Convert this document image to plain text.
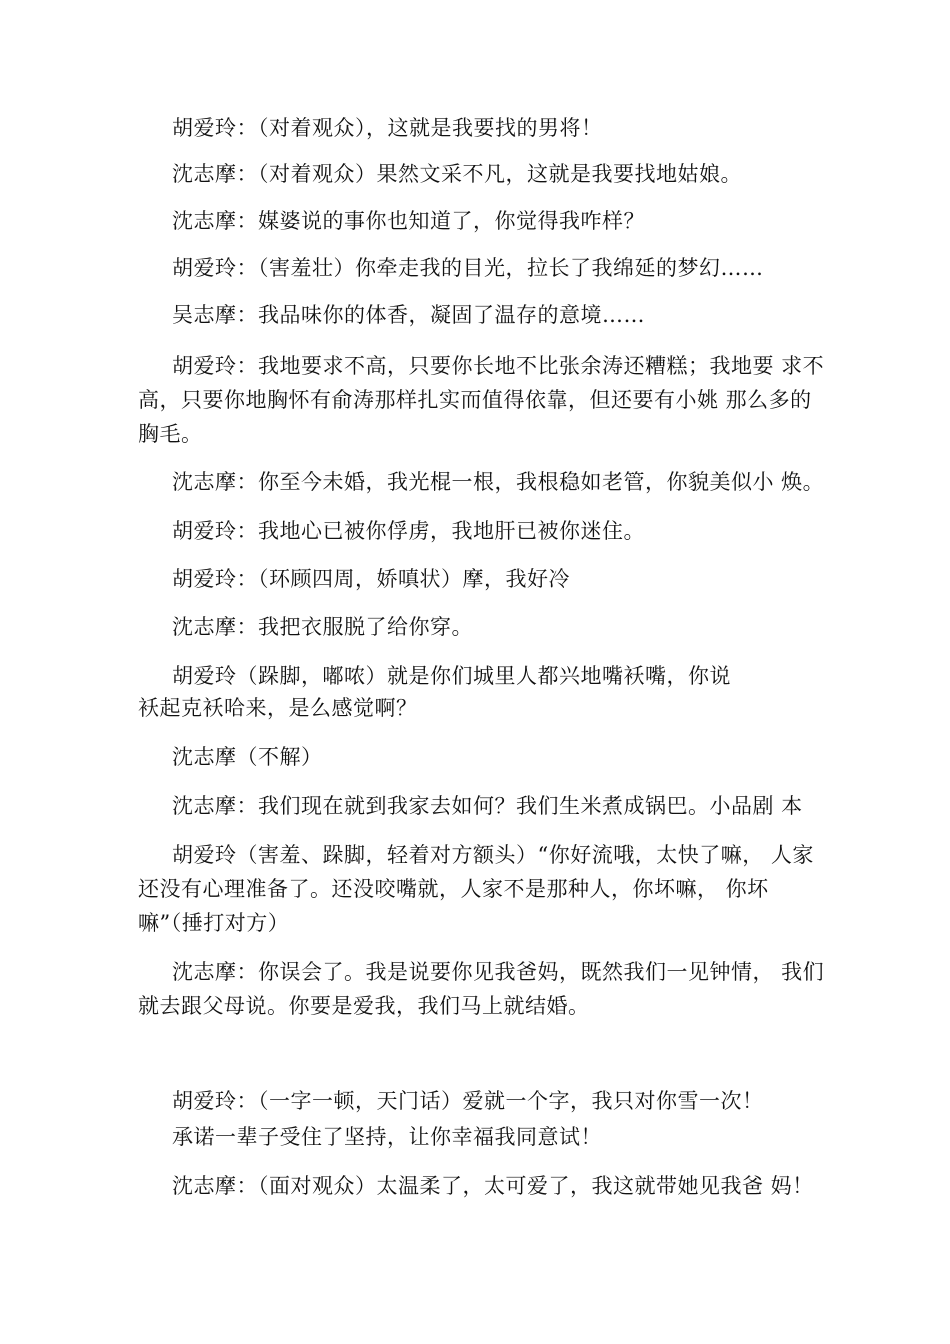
胡爱玲：（对着观众），这就是我要找的男将！
沈志摩：（对着观众）果然文采不凡，这就是我要找地姑娘。
沈志摩：媒婆说的事你也知道了，你觉得我咋样？
胡爱玲：（害羞壮）你牵走我的目光，拉长了我绵延的梦幻……
吴志摩：我品味你的体香，凝固了温存的意境……
胡爱玲：我地要求不高，只要你长地不比张余涛还糟糕；我地要 求不
高，只要你地胸怀有俞涛那样扎实而值得依靠，但还要有小姚 那么多的
胸毛。
沈志摩：你至今未婚，我光棍一根，我根稳如老管，你貌美似小 焕。
胡爱玲：我地心已被你俘虏，我地肝已被你迷住。
胡爱玲：（环顾四周，娇嗔状）摩，我好冷
沈志摩：我把衣服脱了给你穿。
胡爱玲（跺脚，嘟哝）就是你们城里人都兴地嘴袄嘴，你说
袄起克袄哈来，是么感觉啊？
沈志摩（不解）
沈志摩：我们现在就到我家去如何？我们生米煮成锅巴。小品剧 本
胡爱玲（害羞、跺脚，轻着对方额头）“你好流哦，太快了嘛， 人家
还没有心理准备了。还没咬嘴就，人家不是那种人，你坏嘛， 你坏
嘛”（捶打对方）
沈志摩：你误会了。我是说要你见我爸妈，既然我们一见钟情， 我们
就去跟父母说。你要是爱我，我们马上就结婚。
胡爱玲：（一字一顿，天门话）爱就一个字，我只对你雪一次！
承诺一辈子受住了坚持，让你幸福我同意试！
沈志摩：（面对观众）太温柔了，太可爱了，我这就带她见我爸 妈！
